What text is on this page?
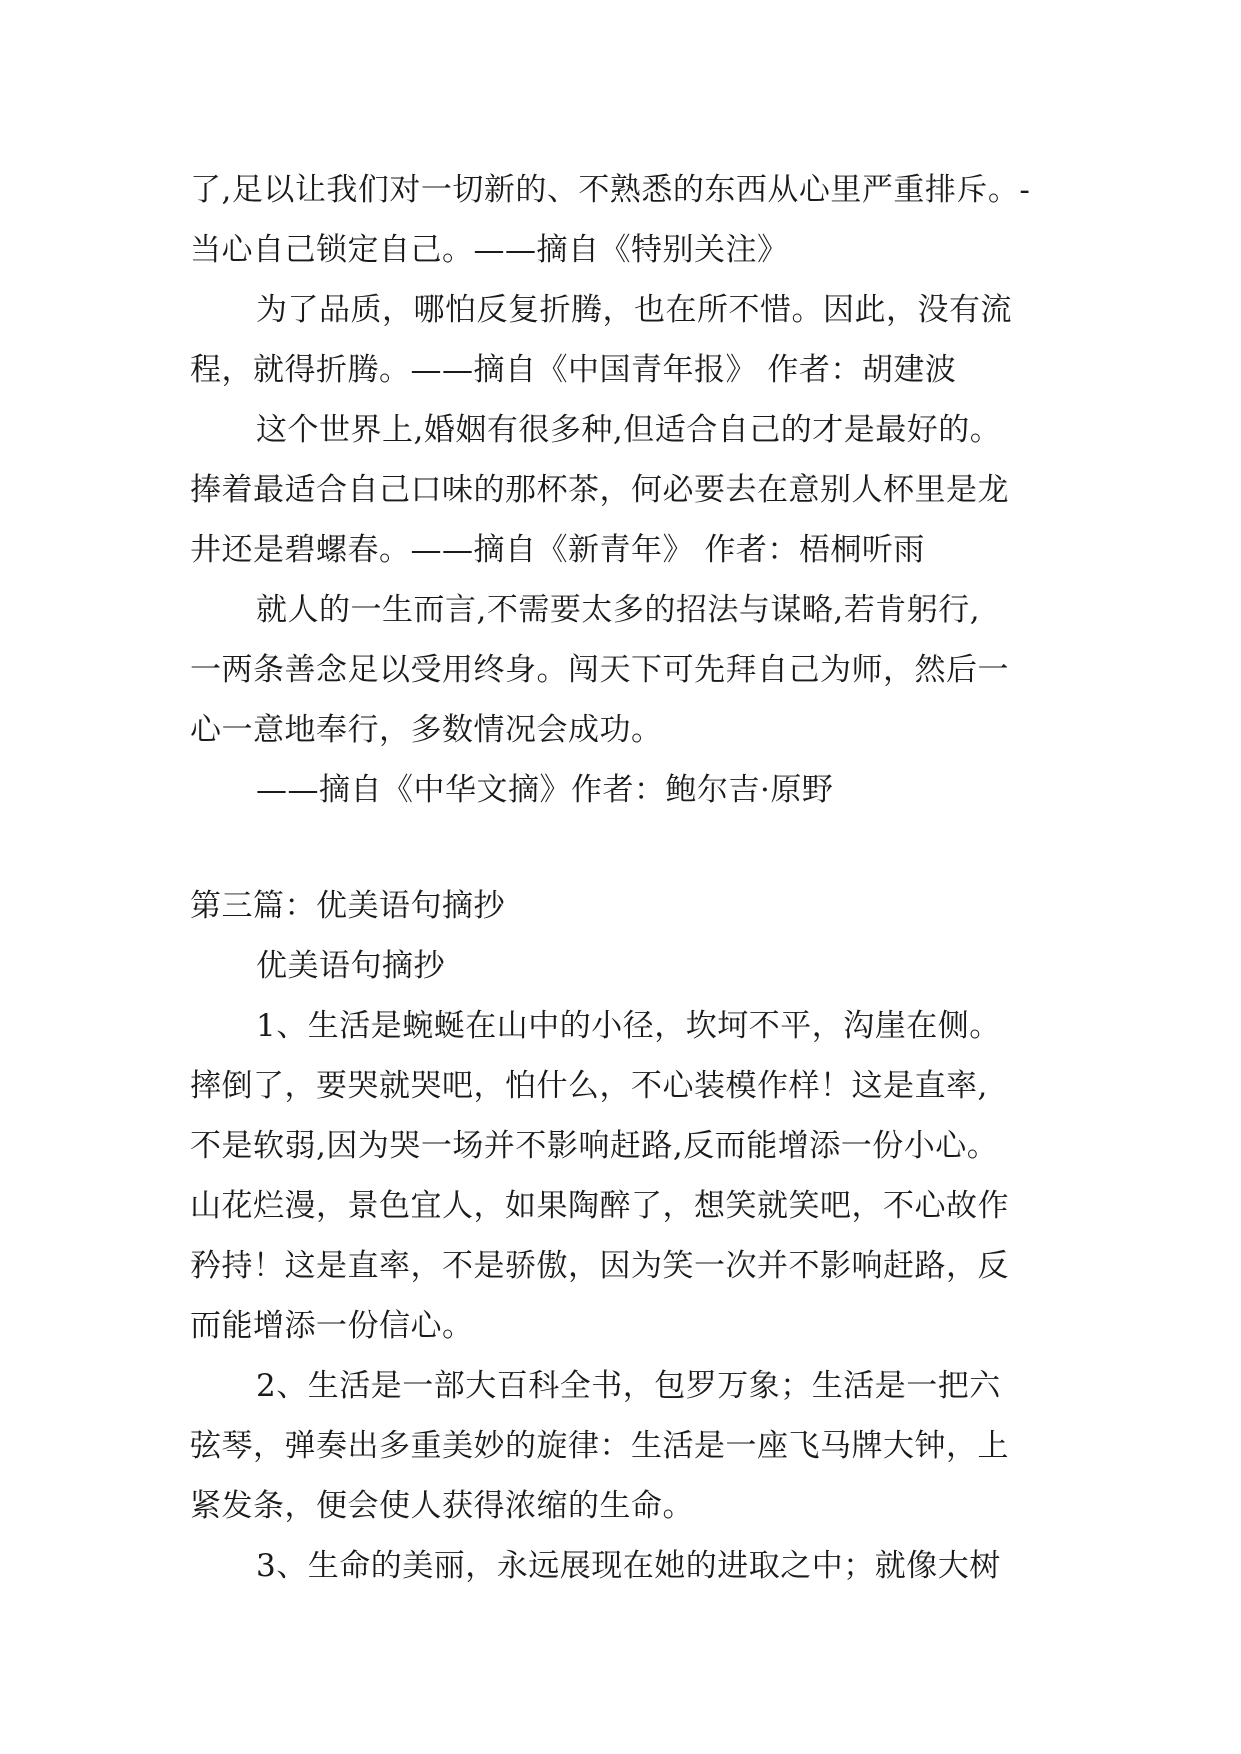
了,足以让我们对一切新的、不熟悉的东西从心里严重排斥。-
当心自己锁定自己。——摘自《特别关注》
为了品质，哪怕反复折腾，也在所不惜。因此，没有流
程，就得折腾。——摘自《中国青年报》 作者：胡建波
这个世界上,婚姻有很多种,但适合自己的才是最好的。
捧着最适合自己口味的那杯茶，何必要去在意别人杯里是龙
井还是碧螺春。——摘自《新青年》 作者：梧桐听雨
就人的一生而言,不需要太多的招法与谋略,若肯躬行,
一两条善念足以受用终身。闯天下可先拜自己为师，然后一
心一意地奉行，多数情况会成功。
——摘自《中华文摘》作者：鲍尔吉·原野
第三篇：优美语句摘抄
优美语句摘抄
1、生活是蜿蜒在山中的小径，坎坷不平，沟崖在侧。
摔倒了，要哭就哭吧，怕什么，不心装模作样！这是直率,
不是软弱,因为哭一场并不影响赶路,反而能增添一份小心。
山花烂漫，景色宜人，如果陶醉了，想笑就笑吧，不心故作
矜持！这是直率，不是骄傲，因为笑一次并不影响赶路，反
而能增添一份信心。
2、生活是一部大百科全书，包罗万象；生活是一把六
弦琴，弹奏出多重美妙的旋律：生活是一座飞马牌大钟，上
紧发条，便会使人获得浓缩的生命。
3、生命的美丽，永远展现在她的进取之中；就像大树
